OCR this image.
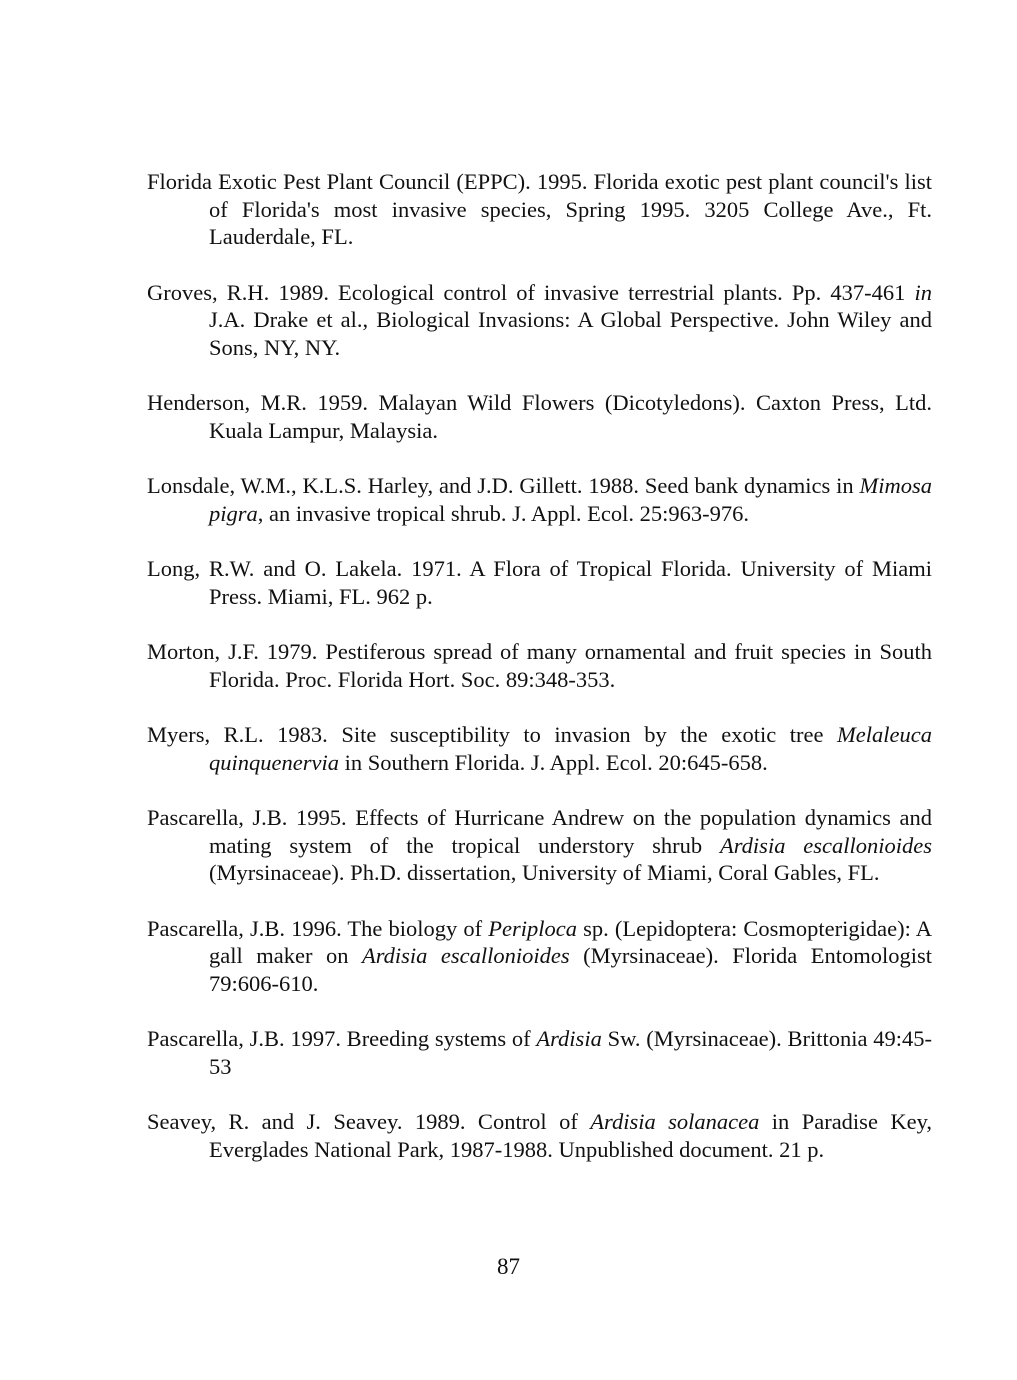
Florida Exotic Pest Plant Council (EPPC). 1995. Florida exotic pest plant council's list of Florida's most invasive species, Spring 1995. 3205 College Ave., Ft. Lauderdale, FL.
Groves, R.H. 1989. Ecological control of invasive terrestrial plants. Pp. 437-461 in J.A. Drake et al., Biological Invasions: A Global Perspective. John Wiley and Sons, NY, NY.
Henderson, M.R. 1959. Malayan Wild Flowers (Dicotyledons). Caxton Press, Ltd. Kuala Lampur, Malaysia.
Lonsdale, W.M., K.L.S. Harley, and J.D. Gillett. 1988. Seed bank dynamics in Mimosa pigra, an invasive tropical shrub. J. Appl. Ecol. 25:963-976.
Long, R.W. and O. Lakela. 1971. A Flora of Tropical Florida. University of Miami Press. Miami, FL. 962 p.
Morton, J.F. 1979. Pestiferous spread of many ornamental and fruit species in South Florida. Proc. Florida Hort. Soc. 89:348-353.
Myers, R.L. 1983. Site susceptibility to invasion by the exotic tree Melaleuca quinquenervia in Southern Florida. J. Appl. Ecol. 20:645-658.
Pascarella, J.B. 1995. Effects of Hurricane Andrew on the population dynamics and mating system of the tropical understory shrub Ardisia escallonioides (Myrsinaceae). Ph.D. dissertation, University of Miami, Coral Gables, FL.
Pascarella, J.B. 1996. The biology of Periploca sp. (Lepidoptera: Cosmopterigidae): A gall maker on Ardisia escallonioides (Myrsinaceae). Florida Entomologist 79:606-610.
Pascarella, J.B. 1997. Breeding systems of Ardisia Sw. (Myrsinaceae). Brittonia 49:45-53
Seavey, R. and J. Seavey. 1989. Control of Ardisia solanacea in Paradise Key, Everglades National Park, 1987-1988. Unpublished document. 21 p.
87
